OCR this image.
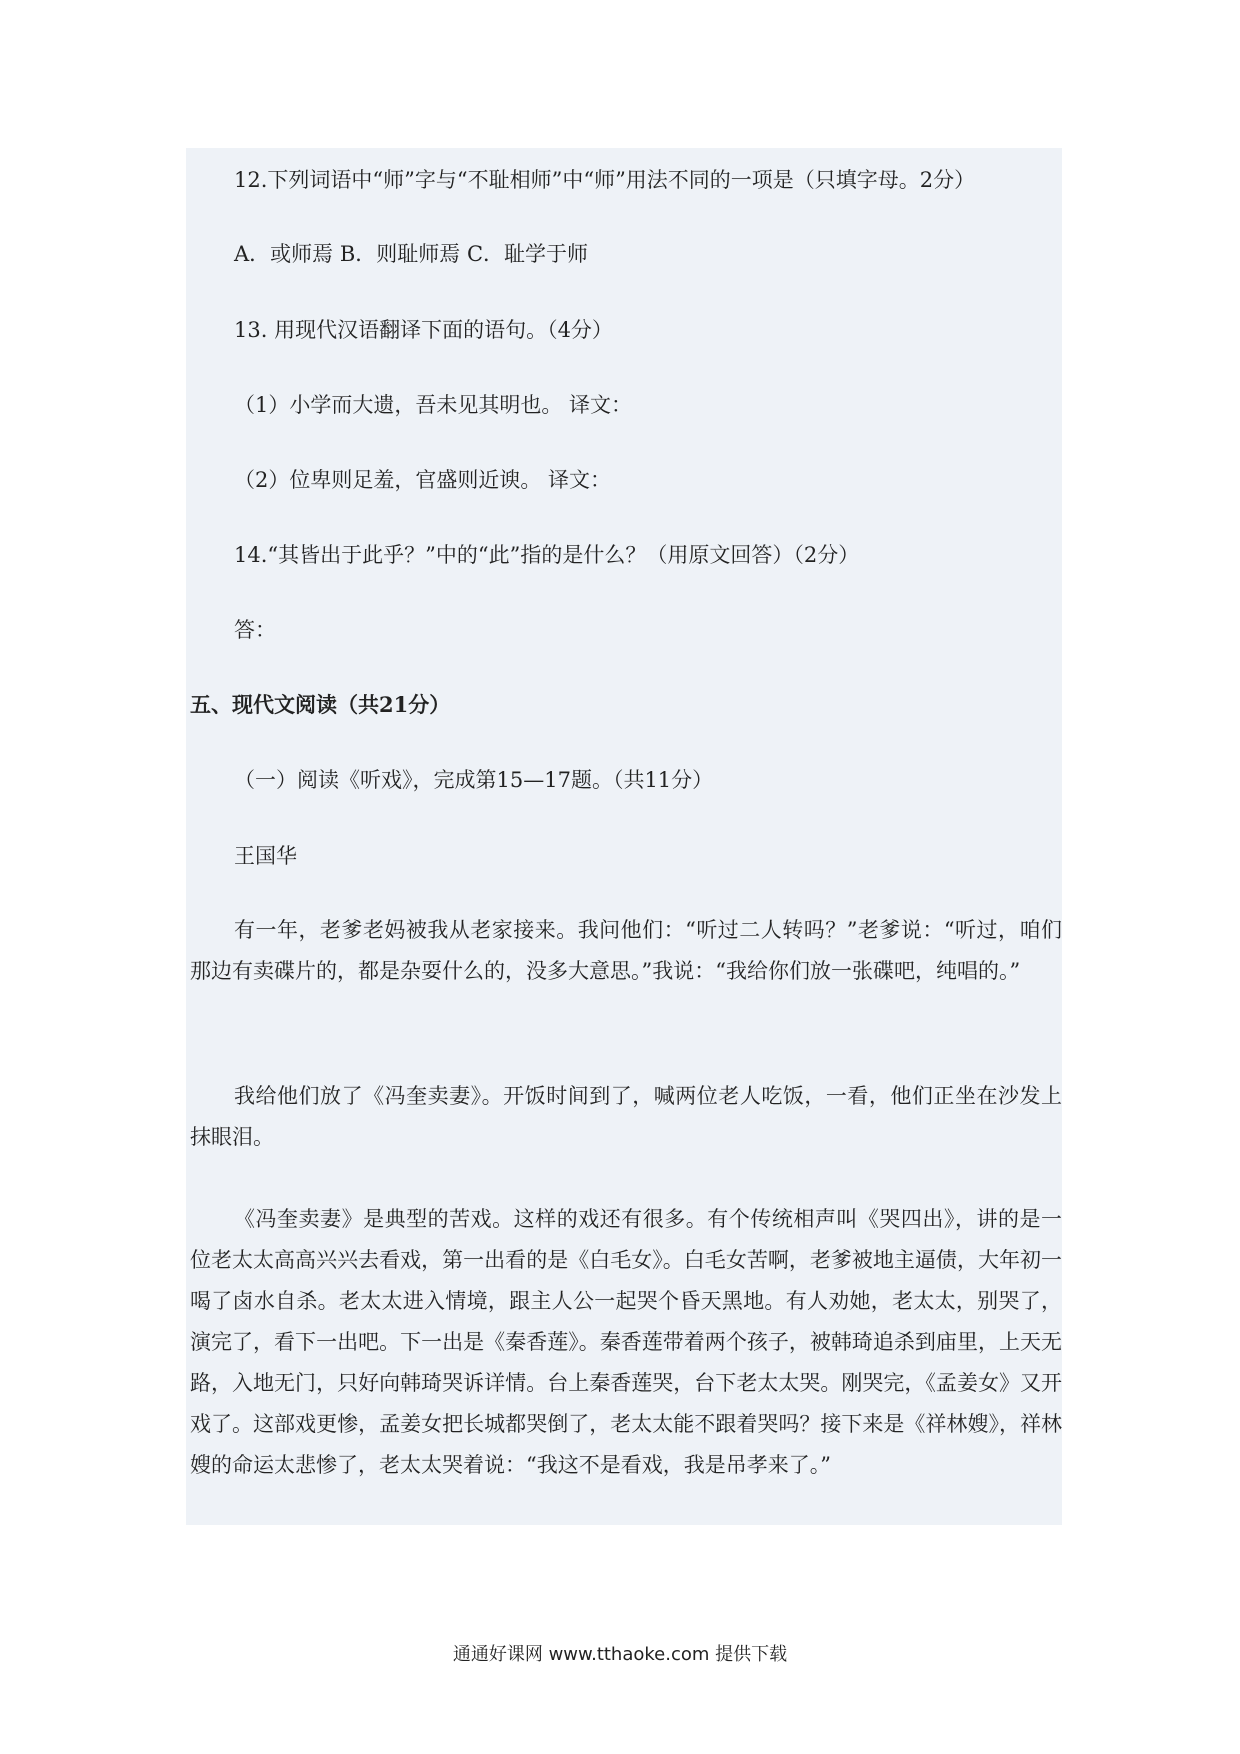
12.下列词语中“师”字与“不耻相师”中“师”用法不同的一项是（只填字母。2分）
A．或师焉 B．则耻师焉 C．耻学于师
13. 用现代汉语翻译下面的语句。（4分）
（1）小学而大遗，吾未见其明也。 译文：
（2）位卑则足羞，官盛则近谀。 译文：
14.“其皆出于此乎？”中的“此”指的是什么？（用原文回答）（2分）
答：
五、现代文阅读（共21分）
（一）阅读《听戏》，完成第15—17题。（共11分）
王国华
有一年，老爹老妈被我从老家接来。我问他们：“听过二人转吗？”老爹说：“听过，咱们那边有卖碟片的，都是杂耍什么的，没多大意思。”我说：“我给你们放一张碟吧，纯唱的。”
我给他们放了《冯奎卖妻》。开饭时间到了，喊两位老人吃饭，一看，他们正坐在沙发上抹眼泪。
《冯奎卖妻》是典型的苦戏。这样的戏还有很多。有个传统相声叫《哭四出》，讲的是一位老太太高高兴兴去看戏，第一出看的是《白毛女》。白毛女苦啊，老爹被地主逼债，大年初一喝了卤水自杀。老太太进入情境，跟主人公一起哭个昏天黑地。有人劝她，老太太，别哭了，演完了，看下一出吧。下一出是《秦香莲》。秦香莲带着两个孩子，被韩琦追杀到庙里，上天无路，入地无门，只好向韩琦哭诉详情。台上秦香莲哭，台下老太太哭。刚哭完，《孟姜女》又开戏了。这部戏更惨，孟姜女把长城都哭倒了，老太太能不跟着哭吗？接下来是《祥林嫂》，祥林嫂的命运太悲惨了，老太太哭着说：“我这不是看戏，我是吊孝来了。”
通通好课网 www.tthaoke.com 提供下载
